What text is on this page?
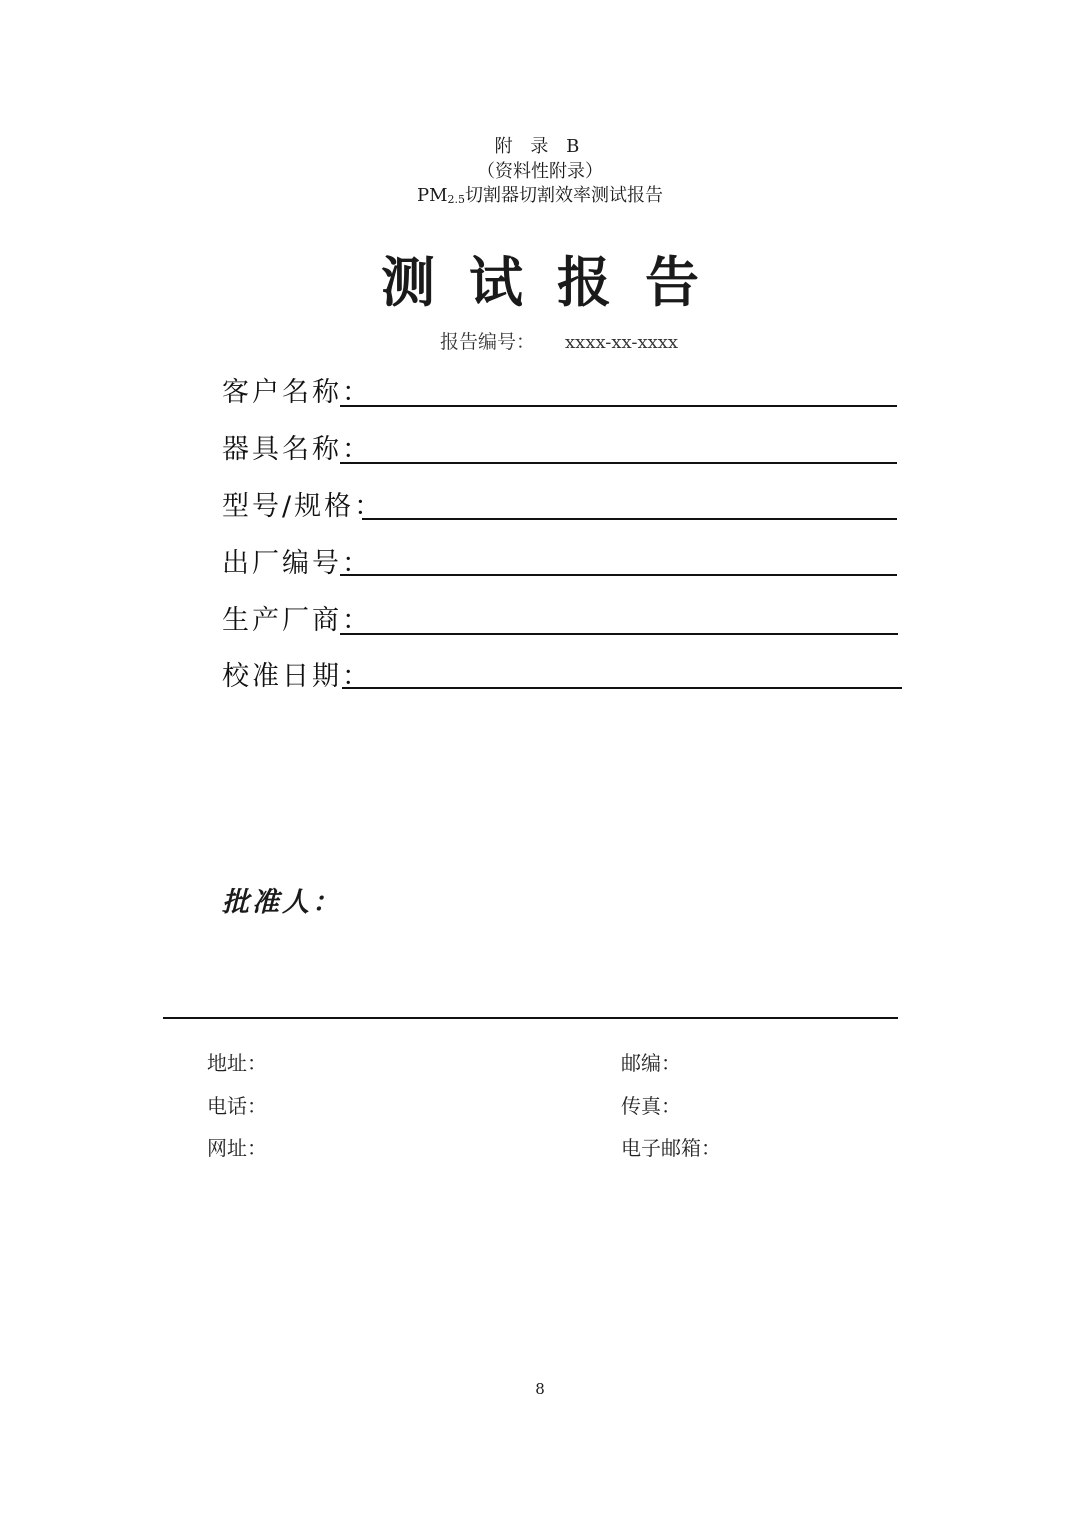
附 录 B
（资料性附录）
$PM_{2.5}$切割器切割效率测试报告
测试报告
报告编号： xxxx-xx-xxxx
客户名称：
器具名称：
型号/规格：
出厂编号：
生产厂商：
校准日期：
批准人：
地址：	邮编：
电话：	传真：
网址：	电子邮箱：
8
